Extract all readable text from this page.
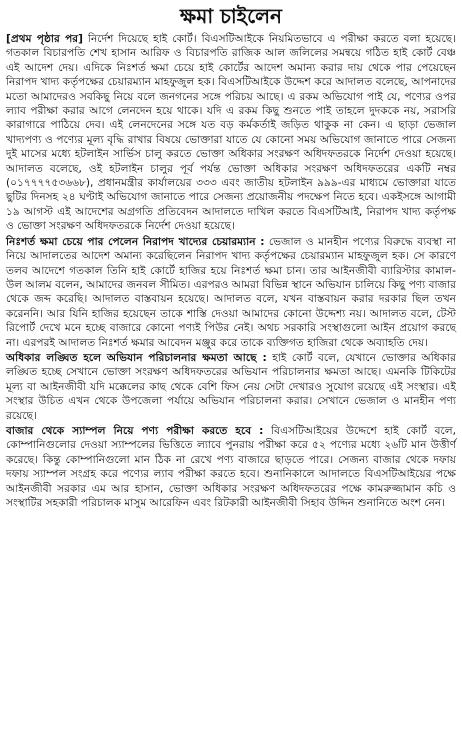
ক্ষমা চাইলেন

[প্রথম পৃষ্ঠার পর] নির্দেশ দিয়েছে হাই কোর্ট। বিএসটিআইকে নিয়মিতভাবে এ পরীক্ষা করতে বলা হয়েছে। গতকাল বিচারপতি শেখ হাসান আরিফ ও বিচারপতি রাজিক আল জলিলের সমন্বয়ে গঠিত হাই কোর্ট বেঞ্চ এই আদেশ দেয়। এদিকে নিঃশর্ত ক্ষমা চেয়ে হাই কোর্টের আদেশ অমান্য করার দায় থেকে পার পেয়েছেন নিরাপদ খাদ্য কর্তৃপক্ষের চেয়ারম্যান মাহফুজুল হক। বিএসটিআইকে উদ্দেশ করে আদালত বলেছে, আপনাদের মতো আমাদেরও সবকিছু নিয়ে বলে জনগনের সঙ্গে পরিচয় আছে। এ রকম অভিযোগ পাই যে, পণ্যের ওপর ল্যাব পরীক্ষা করার আগে লেনদেন হয়ে থাকে। যদি এ রকম কিছু শুনতে পাই তাহলে দুদককে নয়, সরাসরি কারাগারে পাঠিয়ে দেব। এই লেনদেনের সঙ্গে যত বড় কর্মকর্তাই জড়িত থাকুক না কেন। এ ছাড়া ভেজাল খাদ্যপণ্য ও পণ্যের মূল্য বৃদ্ধি রাখার বিষয়ে ভোক্তারা যাতে যে কোনো সময় অভিযোগ জানাতে পারে সেজন্য দুই মাসের মধ্যে হটলাইন সার্ভিস চালু করতে ভোক্তা অধিকার সংরক্ষণ অধিদফতরকে নির্দেশ দেওয়া হয়েছে। আদালত বলেছে, ওই হটলাইন চালুর পূর্ব পর্যন্ত ভোক্তা অধিকার সংরক্ষণ অধিদফতরের একটি নম্বর (০১৭৭৭৭৫৩৬৬৮), প্রধানমন্ত্রীর কার্যালয়ের ৩৩৩ এবং জাতীয় হটলাইন ৯৯৯-এর মাধ্যমে ভোক্তারা যাতে ছুটির দিনসহ ২৪ ঘণ্টাই অভিযোগ জানাতে পারে সেজন্য প্রয়োজনীয় পদক্ষেপ নিতে হবে। একইসঙ্গে আগামী ১৯ আগস্ট এই আদেশের অগ্রগতি প্রতিবেদন আদালতে দাখিল করতে বিএসটিআই, নিরাপদ খাদ্য কর্তৃপক্ষ ও ভোক্তা সংরক্ষণ অধিদফতরকে নির্দেশ দেওয়া হয়েছে।

নিঃশর্ত ক্ষমা চেয়ে পার পেলেন নিরাপদ খাদ্যের চেয়ারম্যান : ভেজাল ও মানহীন পণ্যের বিরুদ্ধে ব্যবস্থা না নিয়ে আদালতের আদেশ অমান্য করেছিলেন নিরাপদ খাদ্য কর্তৃপক্ষের চেয়ারম্যান মাহফুজুল হক। সে কারণে তলব আদেশে গতকাল তিনি হাই কোর্টে হাজির হয়ে নিঃশর্ত ক্ষমা চান। তার আইনজীবী ব্যারিস্টার কামাল-উল আলম বলেন, আমাদের জনবল সীমিত। এরপরও আমরা বিভিন্ন স্থানে অভিযান চালিয়ে কিছু পণ্য বাজার থেকে জব্দ করেছি। আদালত বাস্তবায়ন হয়েছে। আদালত বলে, যখন বাস্তবায়ন করার দরকার ছিল তখন করেননি। আর যিনি হাজির হয়েছেন তাকে শাস্তি দেওয়া আমাদের কোনো উদ্দেশ্য নয়। আদালত বলে, টেস্ট রিপোর্ট দেখে মনে হচ্ছে বাজারে কোনো পণ্যই পিউর নেই। অথচ সরকারি সংস্থাগুলো আইন প্রয়োগ করছে না। এরপরই আদালত নিঃশর্ত ক্ষমার আবেদন মঞ্জুর করে তাকে ব্যক্তিগত হাজিরা থেকে অব্যাহতি দেয়।

অধিকার লঙ্ঘিত হলে অভিযান পরিচালনার ক্ষমতা আছে : হাই কোর্ট বলে, যেখানে ভোক্তার অধিকার লঙ্ঘিত হচ্ছে সেখানে ভোক্তা সংরক্ষণ অধিদফতরের অভিযান পরিচালনার ক্ষমতা আছে। এমনকি টিকিটের মূল্য বা আইনজীবী যদি মক্কেলের কাছ থেকে বেশি ফিস নেয় সেটা দেখারও সুযোগ রয়েছে এই সংস্থার। এই সংস্থার উচিত এখন থেকে উপজেলা পর্যায়ে অভিযান পরিচালনা করার। সেখানে ভেজাল ও মানহীন পণ্য রয়েছে।

বাজার থেকে স্যাম্পল নিয়ে পণ্য পরীক্ষা করতে হবে : বিএসটিআইয়ের উদ্দেশে হাই কোর্ট বলে, কোম্পানিগুলোর দেওয়া স্যাম্পলের ভিত্তিতে ল্যাবে পুনরায় পরীক্ষা করে ৫২ পণ্যের মধ্যে ২৬টি মান উত্তীর্ণ করেছে। কিন্তু কোম্পানিগুলো মান ঠিক না রেখে পণ্য বাজারে ছাড়তে পারে। সেজন্য বাজার থেকে দফায় দফায় স্যাম্পল সংগ্রহ করে পণ্যের ল্যাব পরীক্ষা করতে হবে। শুনানিকালে আদালতে বিএসটিআইয়ের পক্ষে আইনজীবী সরকার এম আর হাসান, ভোক্তা অধিকার সংরক্ষণ অধিদফতরের পক্ষে কামরুজ্জামান কচি ও সংস্থাটির সহকারী পরিচালক মাসুম আরেফিন এবং রিটকারী আইনজীবী সিহাব উদ্দিন শুনানিতে অংশ নেন।
